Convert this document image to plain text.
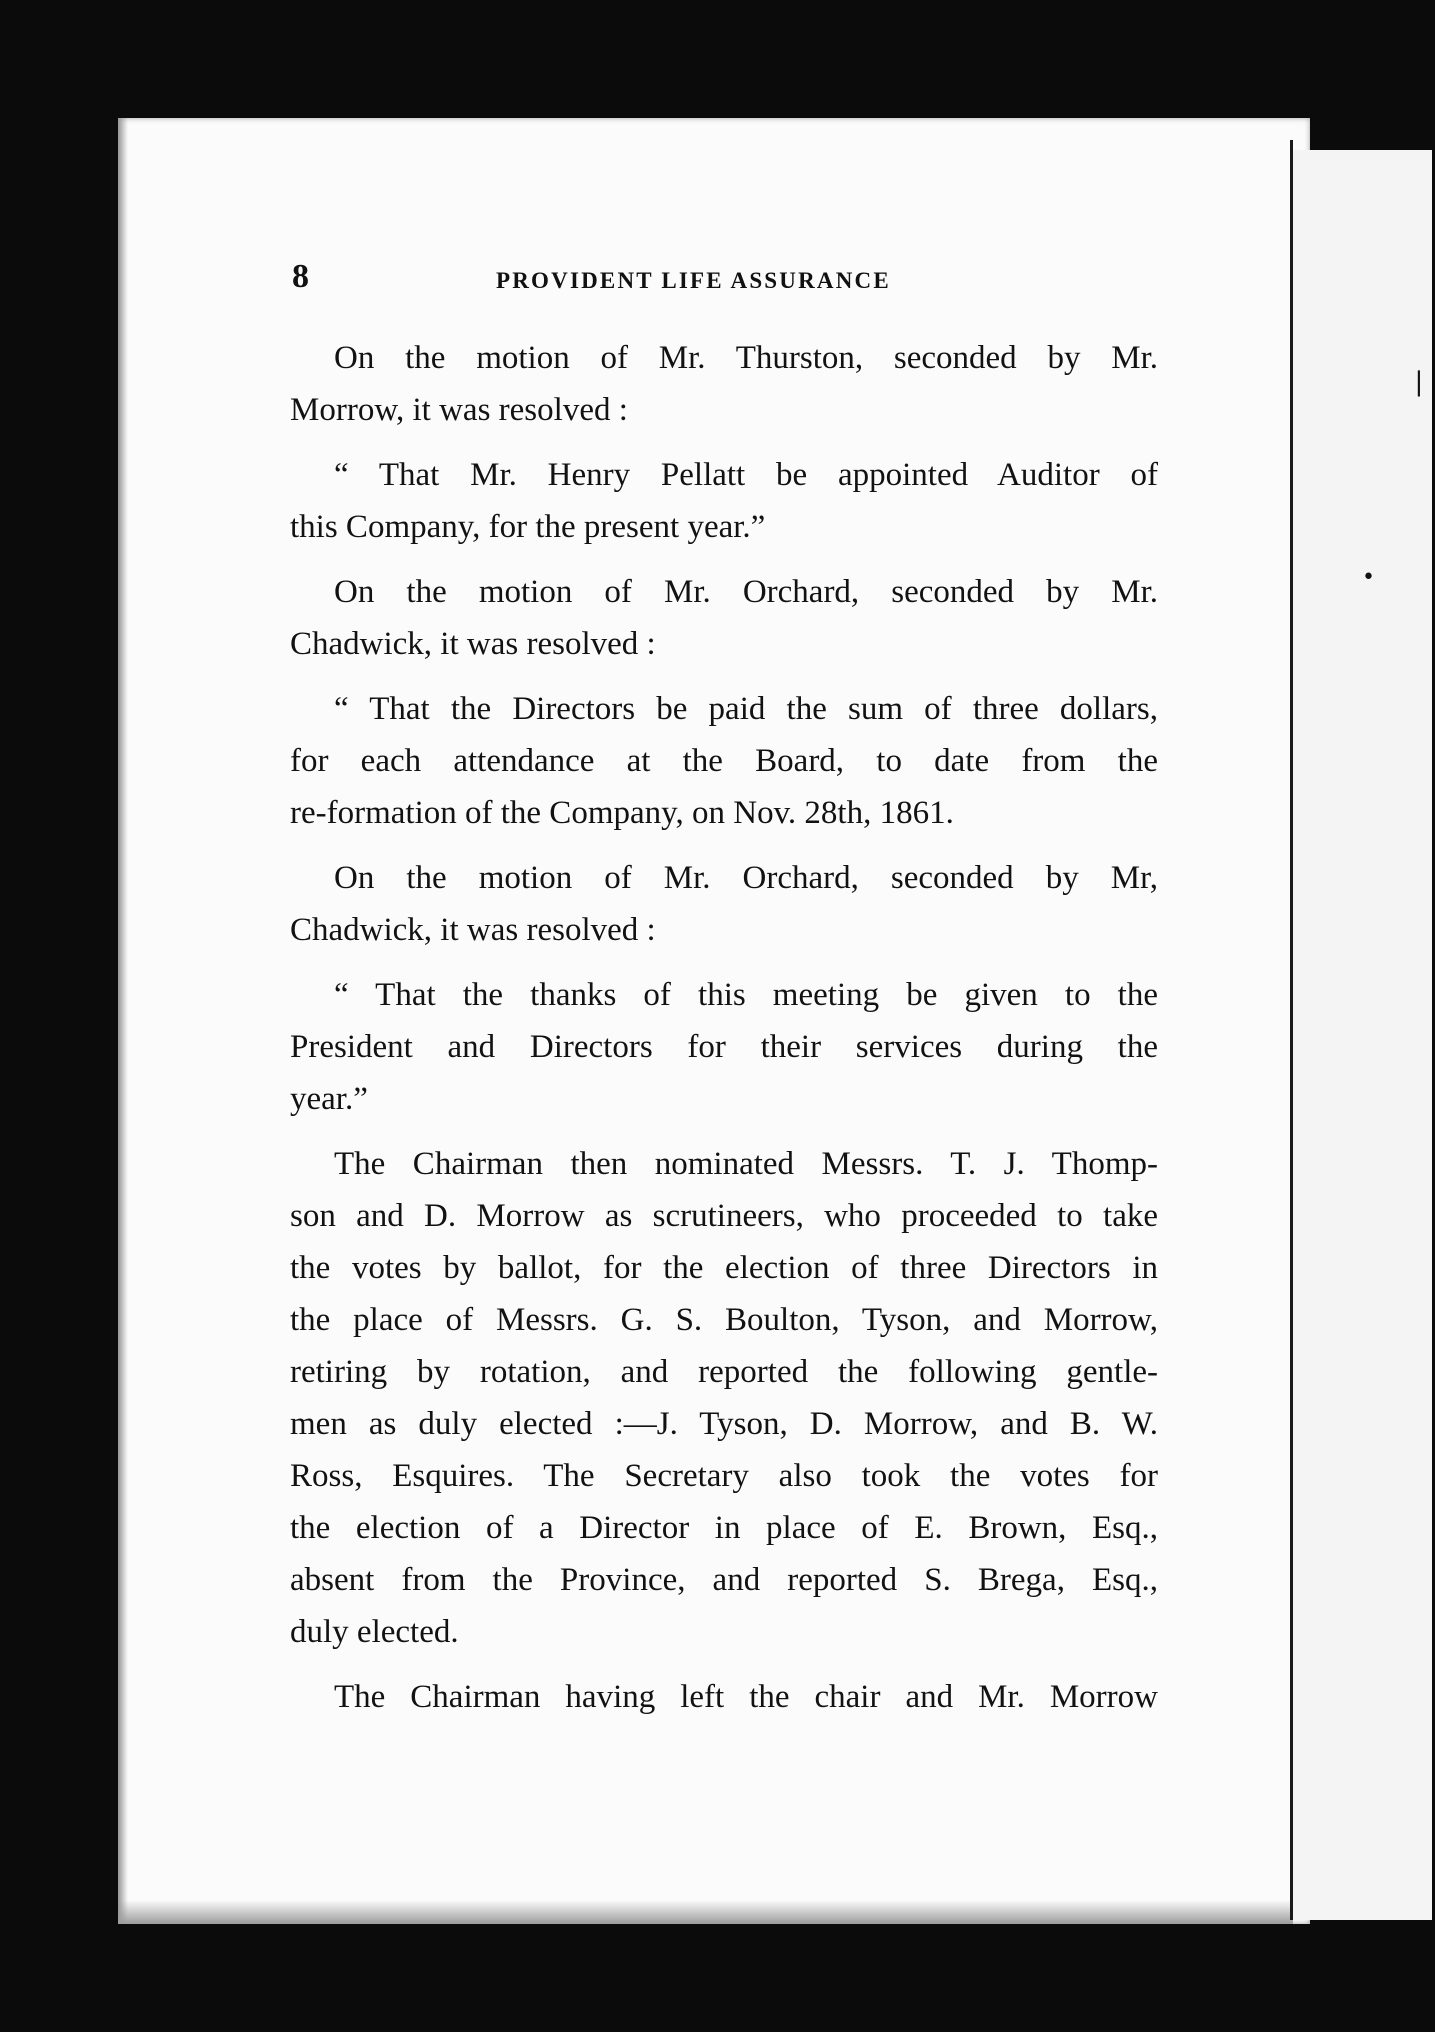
▏
•
8	PROVIDENT LIFE ASSURANCE
On the motion of Mr. Thurston, seconded by Mr.
Morrow, it was resolved :
“ That Mr. Henry Pellatt be appointed Auditor of
this Company, for the present year.”
On the motion of Mr. Orchard, seconded by Mr.
Chadwick, it was resolved :
“ That the Directors be paid the sum of three dollars,
for each attendance at the Board, to date from the
re-formation of the Company, on Nov. 28th, 1861.
On the motion of Mr. Orchard, seconded by Mr,
Chadwick, it was resolved :
“ That the thanks of this meeting be given to the
President and Directors for their services during the
year.”
The Chairman then nominated Messrs. T. J. Thomp-
son and D. Morrow as scrutineers, who proceeded to take
the votes by ballot, for the election of three Directors in
the place of Messrs. G. S. Boulton, Tyson, and Morrow,
retiring by rotation, and reported the following gentle-
men as duly elected :—J. Tyson, D. Morrow, and B. W.
Ross, Esquires. The Secretary also took the votes for
the election of a Director in place of E. Brown, Esq.,
absent from the Province, and reported S. Brega, Esq.,
duly elected.
The Chairman having left the chair and Mr. Morrow
